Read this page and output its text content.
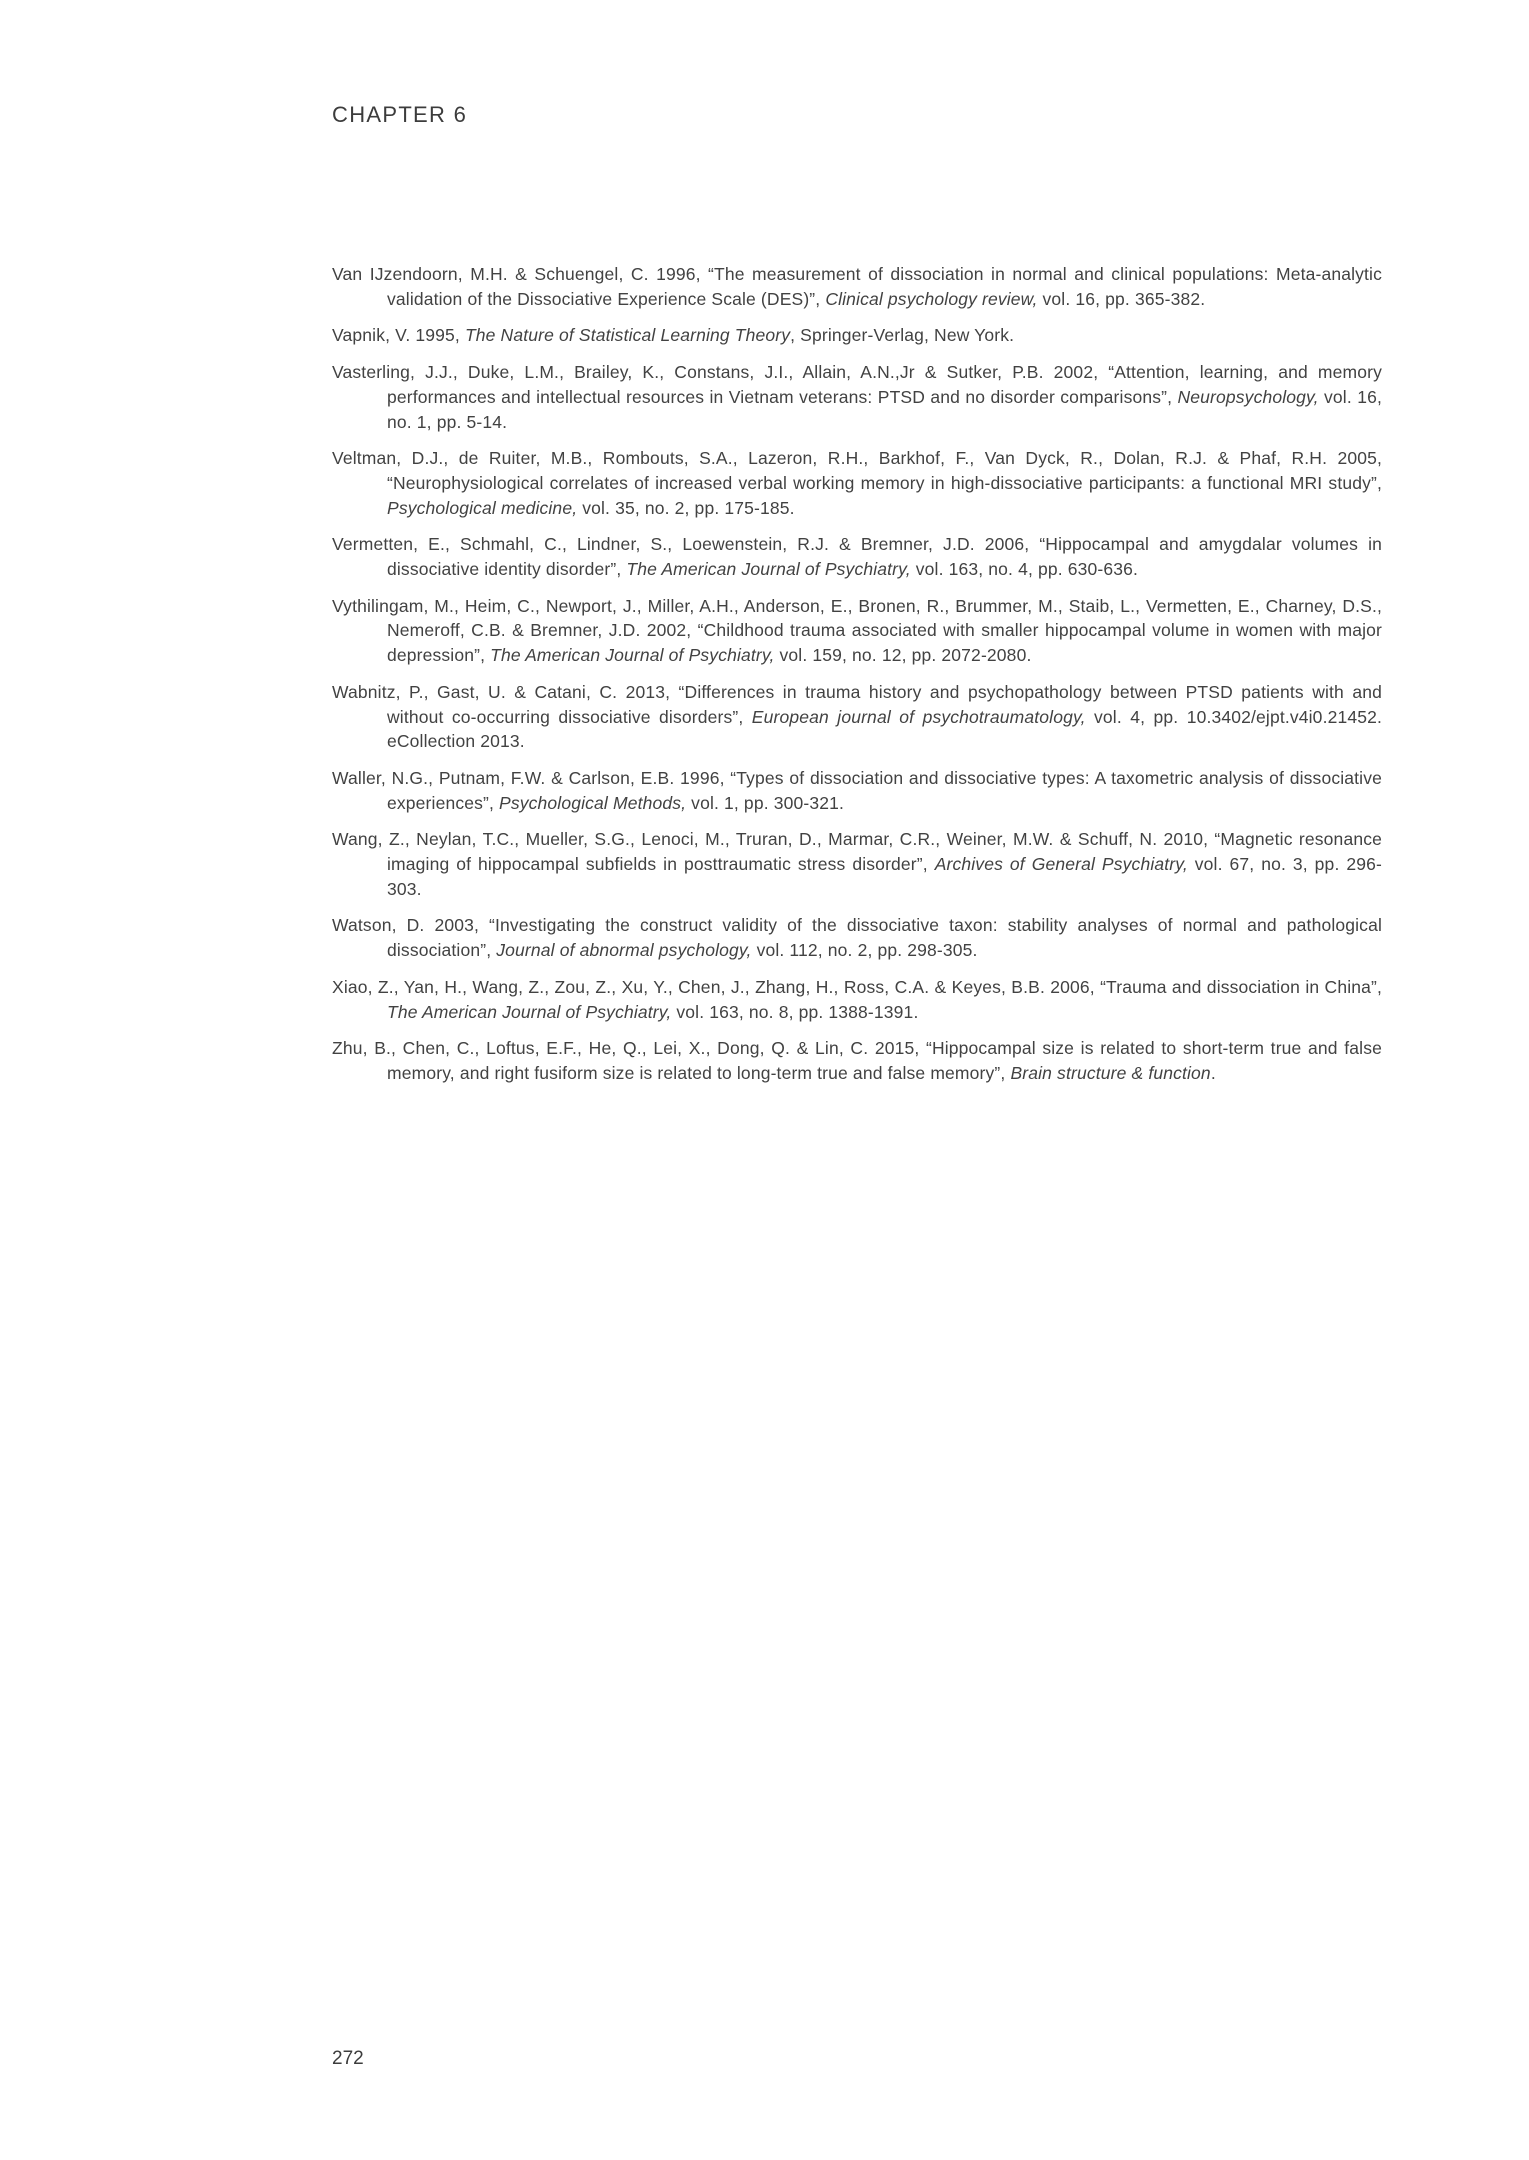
CHAPTER 6

Van IJzendoorn, M.H. & Schuengel, C. 1996, “The measurement of dissociation in normal and clinical populations: Meta-analytic validation of the Dissociative Experience Scale (DES)”, Clinical psychology review, vol. 16, pp. 365-382.

Vapnik, V. 1995, The Nature of Statistical Learning Theory, Springer-Verlag, New York.

Vasterling, J.J., Duke, L.M., Brailey, K., Constans, J.I., Allain, A.N.,Jr & Sutker, P.B. 2002, “Attention, learning, and memory performances and intellectual resources in Vietnam veterans: PTSD and no disorder comparisons”, Neuropsychology, vol. 16, no. 1, pp. 5-14.

Veltman, D.J., de Ruiter, M.B., Rombouts, S.A., Lazeron, R.H., Barkhof, F., Van Dyck, R., Dolan, R.J. & Phaf, R.H. 2005, “Neurophysiological correlates of increased verbal working memory in high-dissociative participants: a functional MRI study”, Psychological medicine, vol. 35, no. 2, pp. 175-185.

Vermetten, E., Schmahl, C., Lindner, S., Loewenstein, R.J. & Bremner, J.D. 2006, “Hippocampal and amygdalar volumes in dissociative identity disorder”, The American Journal of Psychiatry, vol. 163, no. 4, pp. 630-636.

Vythilingam, M., Heim, C., Newport, J., Miller, A.H., Anderson, E., Bronen, R., Brummer, M., Staib, L., Vermetten, E., Charney, D.S., Nemeroff, C.B. & Bremner, J.D. 2002, “Childhood trauma associated with smaller hippocampal volume in women with major depression”, The American Journal of Psychiatry, vol. 159, no. 12, pp. 2072-2080.

Wabnitz, P., Gast, U. & Catani, C. 2013, “Differences in trauma history and psychopathology between PTSD patients with and without co-occurring dissociative disorders”, European journal of psychotraumatology, vol. 4, pp. 10.3402/ejpt.v4i0.21452. eCollection 2013.

Waller, N.G., Putnam, F.W. & Carlson, E.B. 1996, “Types of dissociation and dissociative types: A taxometric analysis of dissociative experiences”, Psychological Methods, vol. 1, pp. 300-321.

Wang, Z., Neylan, T.C., Mueller, S.G., Lenoci, M., Truran, D., Marmar, C.R., Weiner, M.W. & Schuff, N. 2010, “Magnetic resonance imaging of hippocampal subfields in posttraumatic stress disorder”, Archives of General Psychiatry, vol. 67, no. 3, pp. 296-303.

Watson, D. 2003, “Investigating the construct validity of the dissociative taxon: stability analyses of normal and pathological dissociation”, Journal of abnormal psychology, vol. 112, no. 2, pp. 298-305.

Xiao, Z., Yan, H., Wang, Z., Zou, Z., Xu, Y., Chen, J., Zhang, H., Ross, C.A. & Keyes, B.B. 2006, “Trauma and dissociation in China”, The American Journal of Psychiatry, vol. 163, no. 8, pp. 1388-1391.

Zhu, B., Chen, C., Loftus, E.F., He, Q., Lei, X., Dong, Q. & Lin, C. 2015, “Hippocampal size is related to short-term true and false memory, and right fusiform size is related to long-term true and false memory”, Brain structure & function.

272
